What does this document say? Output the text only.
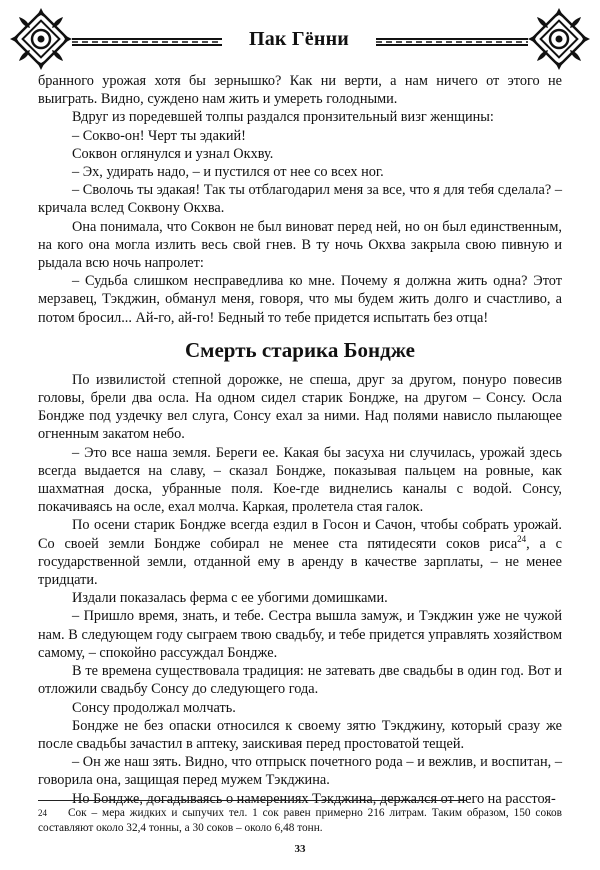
Пак Гённи

бранного урожая хотя бы зернышко? Как ни верти, а нам ничего от этого не выиграть. Видно, суждено нам жить и умереть голодными.

Вдруг из поредевшей толпы раздался пронзительный визг женщины:

– Сокво-он! Черт ты эдакий!

Соквон оглянулся и узнал Окхву.

– Эх, удирать надо, – и пустился от нее со всех ног.

– Сволочь ты эдакая! Так ты отблагодарил меня за все, что я для тебя сделала? – кричала вслед Соквону Окхва.

Она понимала, что Соквон не был виноват перед ней, но он был единственным, на кого она могла излить весь свой гнев. В ту ночь Окхва закрыла свою пивную и рыдала всю ночь напролет:

– Судьба слишком несправедлива ко мне. Почему я должна жить одна? Этот мерзавец, Тэкджин, обманул меня, говоря, что мы будем жить долго и счастливо, а потом бросил... Ай-го, ай-го! Бедный то тебе придется испытать без отца!

Смерть старика Бондже

По извилистой степной дорожке, не спеша, друг за другом, понуро повесив головы, брели два осла. На одном сидел старик Бондже, на другом – Сонсу. Осла Бондже под уздечку вел слуга, Сонсу ехал за ними. Над полями нависло пылающее огненным закатом небо.

– Это все наша земля. Береги ее. Какая бы засуха ни случилась, урожай здесь всегда выдается на славу, – сказал Бондже, показывая пальцем на ровные, как шахматная доска, убранные поля. Кое-где виднелись каналы с водой. Сонсу, покачиваясь на осле, ехал молча. Каркая, пролетела стая галок.

По осени старик Бондже всегда ездил в Госон и Сачон, чтобы собрать урожай. Со своей земли Бондже собирал не менее ста пятидесяти соков риса$^{24}$, а с государственной земли, отданной ему в аренду в качестве зарплаты, – не менее тридцати.

Издали показалась ферма с ее убогими домишками.

– Пришло время, знать, и тебе. Сестра вышла замуж, и Тэкджин уже не чужой нам. В следующем году сыграем твою свадьбу, и тебе придется управлять хозяйством самому, – спокойно рассуждал Бондже.

В те времена существовала традиция: не затевать две свадьбы в один год. Вот и отложили свадьбу Сонсу до следующего года.

Сонсу продолжал молчать.

Бондже не без опаски относился к своему зятю Тэкджину, который сразу же после свадьбы зачастил в аптеку, заискивая перед простоватой тещей.

– Он же наш зять. Видно, что отпрыск почетного рода – и вежлив, и воспитан, – говорила она, защищая перед мужем Тэкджина.

Но Бондже, догадываясь о намерениях Тэкджина, держался от него на расстоя-

24 Сок – мера жидких и сыпучих тел. 1 сок равен примерно 216 литрам. Таким образом, 150 соков составляют около 32,4 тонны, а 30 соков – около 6,48 тонн.
33
